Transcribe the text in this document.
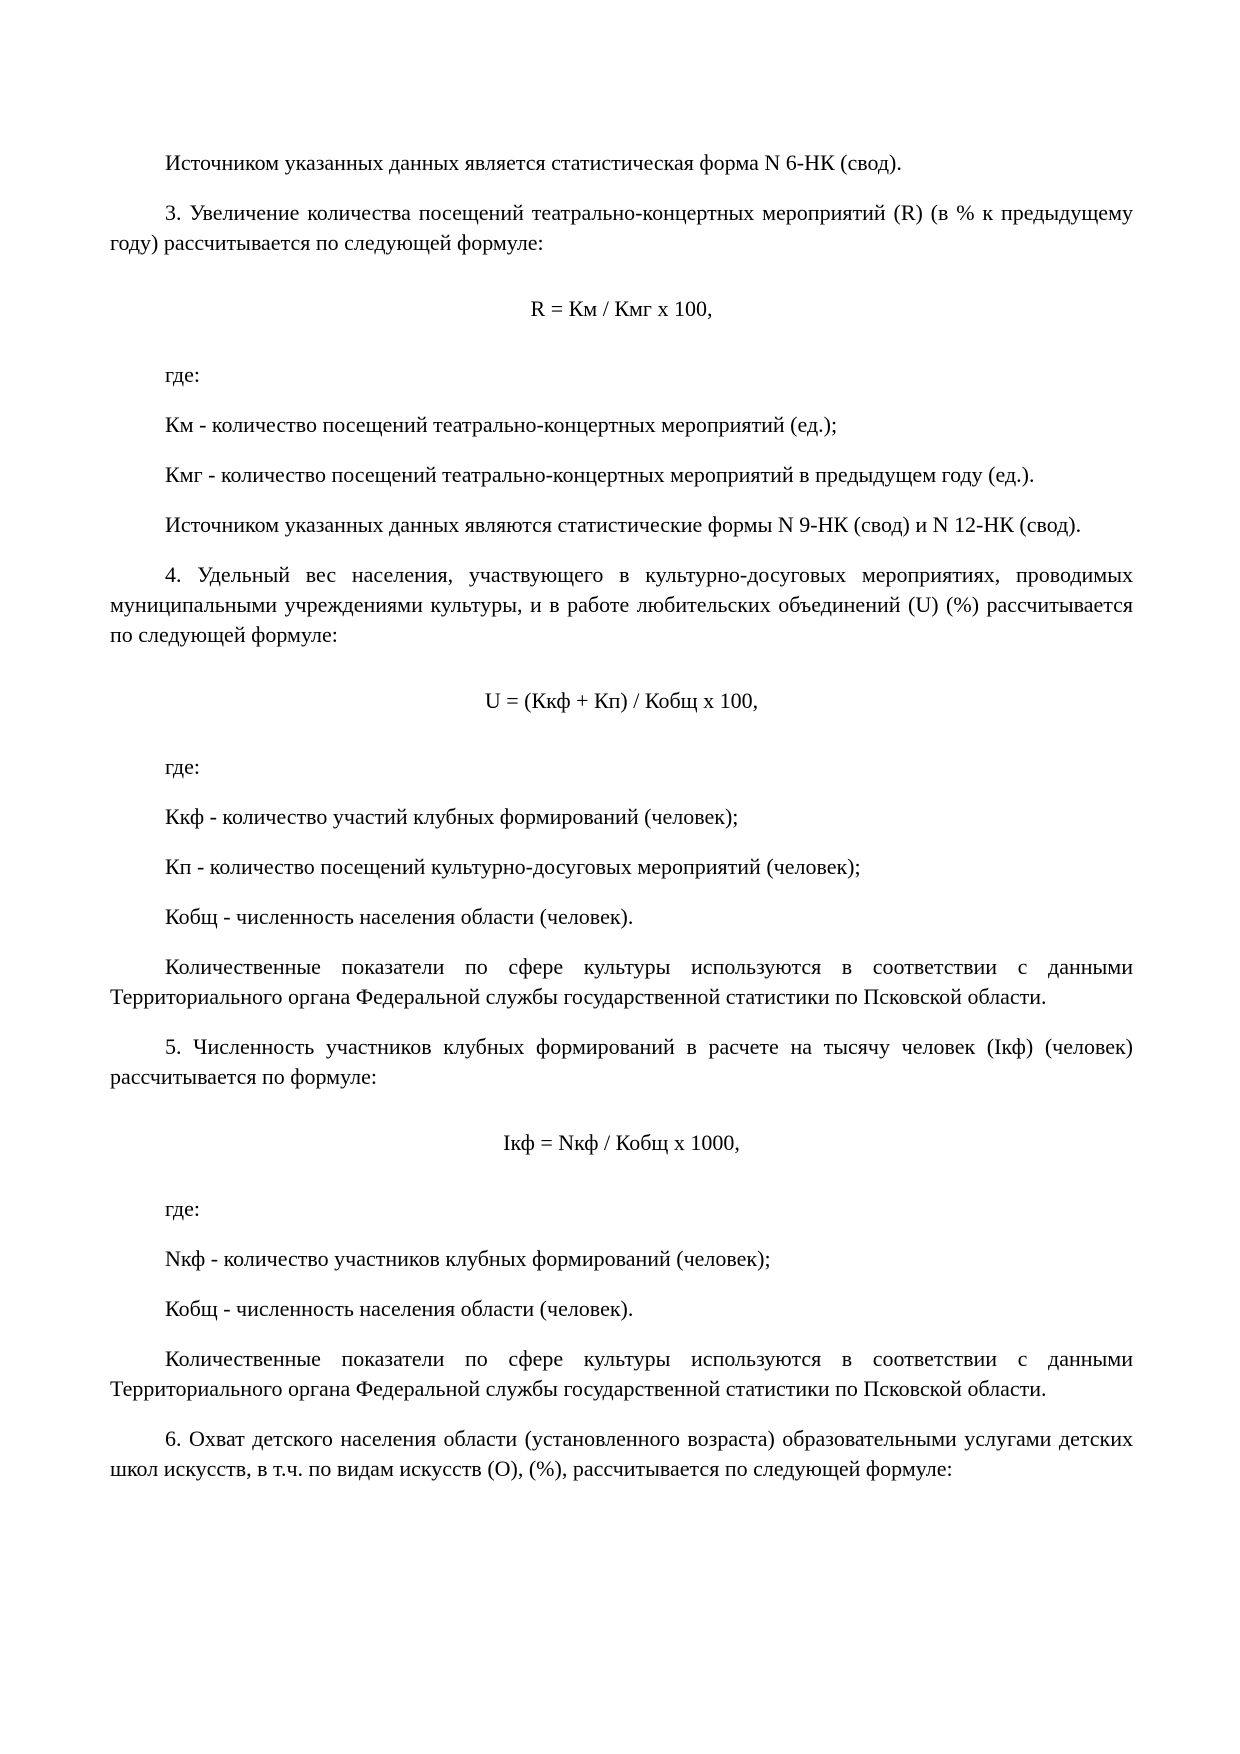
Источником указанных данных является статистическая форма N 6-НК (свод).

3. Увеличение количества посещений театрально-концертных мероприятий (R) (в % к предыдущему году) рассчитывается по следующей формуле:

R = Км / Кмг х 100,

где:

Км - количество посещений театрально-концертных мероприятий (ед.);

Кмг - количество посещений театрально-концертных мероприятий в предыдущем году (ед.).

Источником указанных данных являются статистические формы N 9-НК (свод) и N 12-НК (свод).

4. Удельный вес населения, участвующего в культурно-досуговых мероприятиях, проводимых муниципальными учреждениями культуры, и в работе любительских объединений (U) (%) рассчитывается по следующей формуле:

U = (Ккф + Кп) / Кобщ х 100,

где:

Ккф - количество участий клубных формирований (человек);

Кп - количество посещений культурно-досуговых мероприятий (человек);

Кобщ - численность населения области (человек).

Количественные показатели по сфере культуры используются в соответствии с данными Территориального органа Федеральной службы государственной статистики по Псковской области.

5. Численность участников клубных формирований в расчете на тысячу человек (Iкф) (человек) рассчитывается по формуле:

Iкф = Nкф / Кобщ х 1000,

где:

Nкф - количество участников клубных формирований (человек);

Кобщ - численность населения области (человек).

Количественные показатели по сфере культуры используются в соответствии с данными Территориального органа Федеральной службы государственной статистики по Псковской области.

6. Охват детского населения области (установленного возраста) образовательными услугами детских школ искусств, в т.ч. по видам искусств (О), (%), рассчитывается по следующей формуле:
